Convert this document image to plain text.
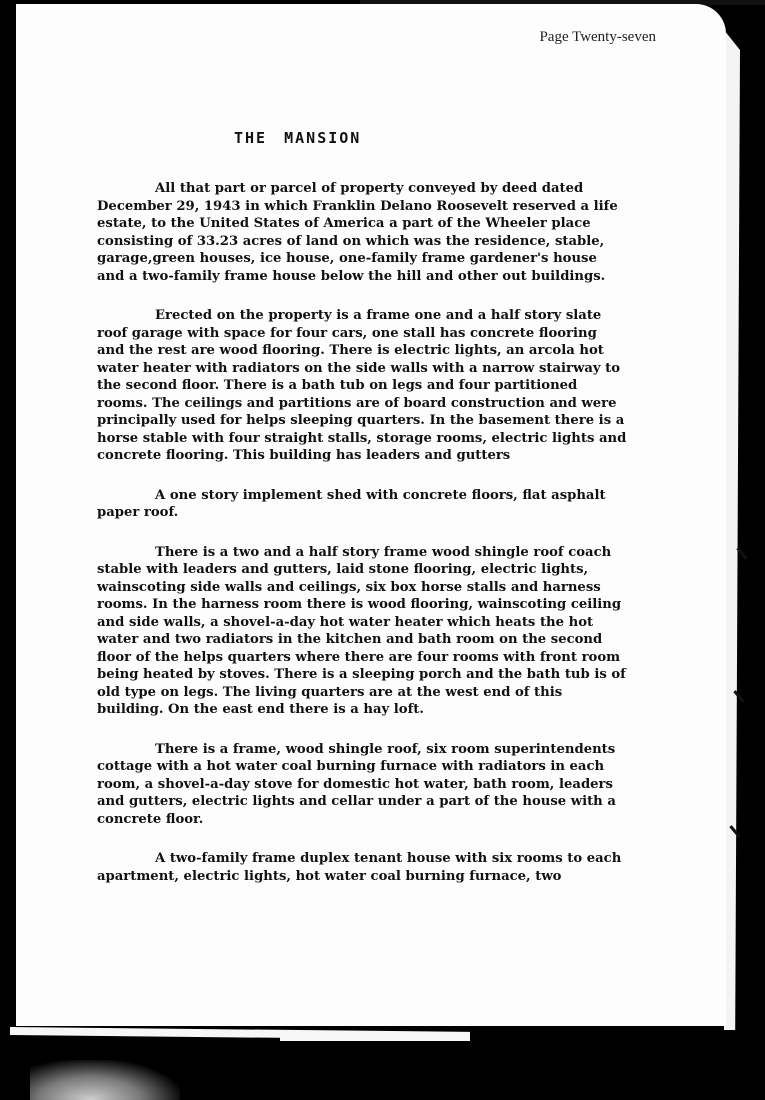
Page Twenty-seven
THE MANSION

All that part or parcel of property conveyed by deed dated December 29, 1943 in which Franklin Delano Roosevelt reserved a life estate, to the United States of America a part of the Wheeler place consisting of 33.23 acres of land on which was the residence, stable, garage,green houses, ice house, one-family frame gardener's house and a two-family frame house below the hill and other out buildings.

Erected on the property is a frame one and a half story slate roof garage with space for four cars, one stall has concrete flooring and the rest are wood flooring. There is electric lights, an arcola hot water heater with radiators on the side walls with a narrow stairway to the second floor. There is a bath tub on legs and four partitioned rooms. The ceilings and partitions are of board construction and were principally used for helps sleeping quarters. In the basement there is a horse stable with four straight stalls, storage rooms, electric lights and concrete flooring. This building has leaders and gutters

A one story implement shed with concrete floors, flat asphalt paper roof.

There is a two and a half story frame wood shingle roof coach stable with leaders and gutters, laid stone flooring, electric lights, wainscoting side walls and ceilings, six box horse stalls and harness rooms. In the harness room there is wood flooring, wainscoting ceiling and side walls, a shovel-a-day hot water heater which heats the hot water and two radiators in the kitchen and bath room on the second floor of the helps quarters where there are four rooms with front room being heated by stoves. There is a sleeping porch and the bath tub is of old type on legs. The living quarters are at the west end of this building. On the east end there is a hay loft.

There is a frame, wood shingle roof, six room superintendents cottage with a hot water coal burning furnace with radiators in each room, a shovel-a-day stove for domestic hot water, bath room, leaders and gutters, electric lights and cellar under a part of the house with a concrete floor.

A two-family frame duplex tenant house with six rooms to each apartment, electric lights, hot water coal burning furnace, two
